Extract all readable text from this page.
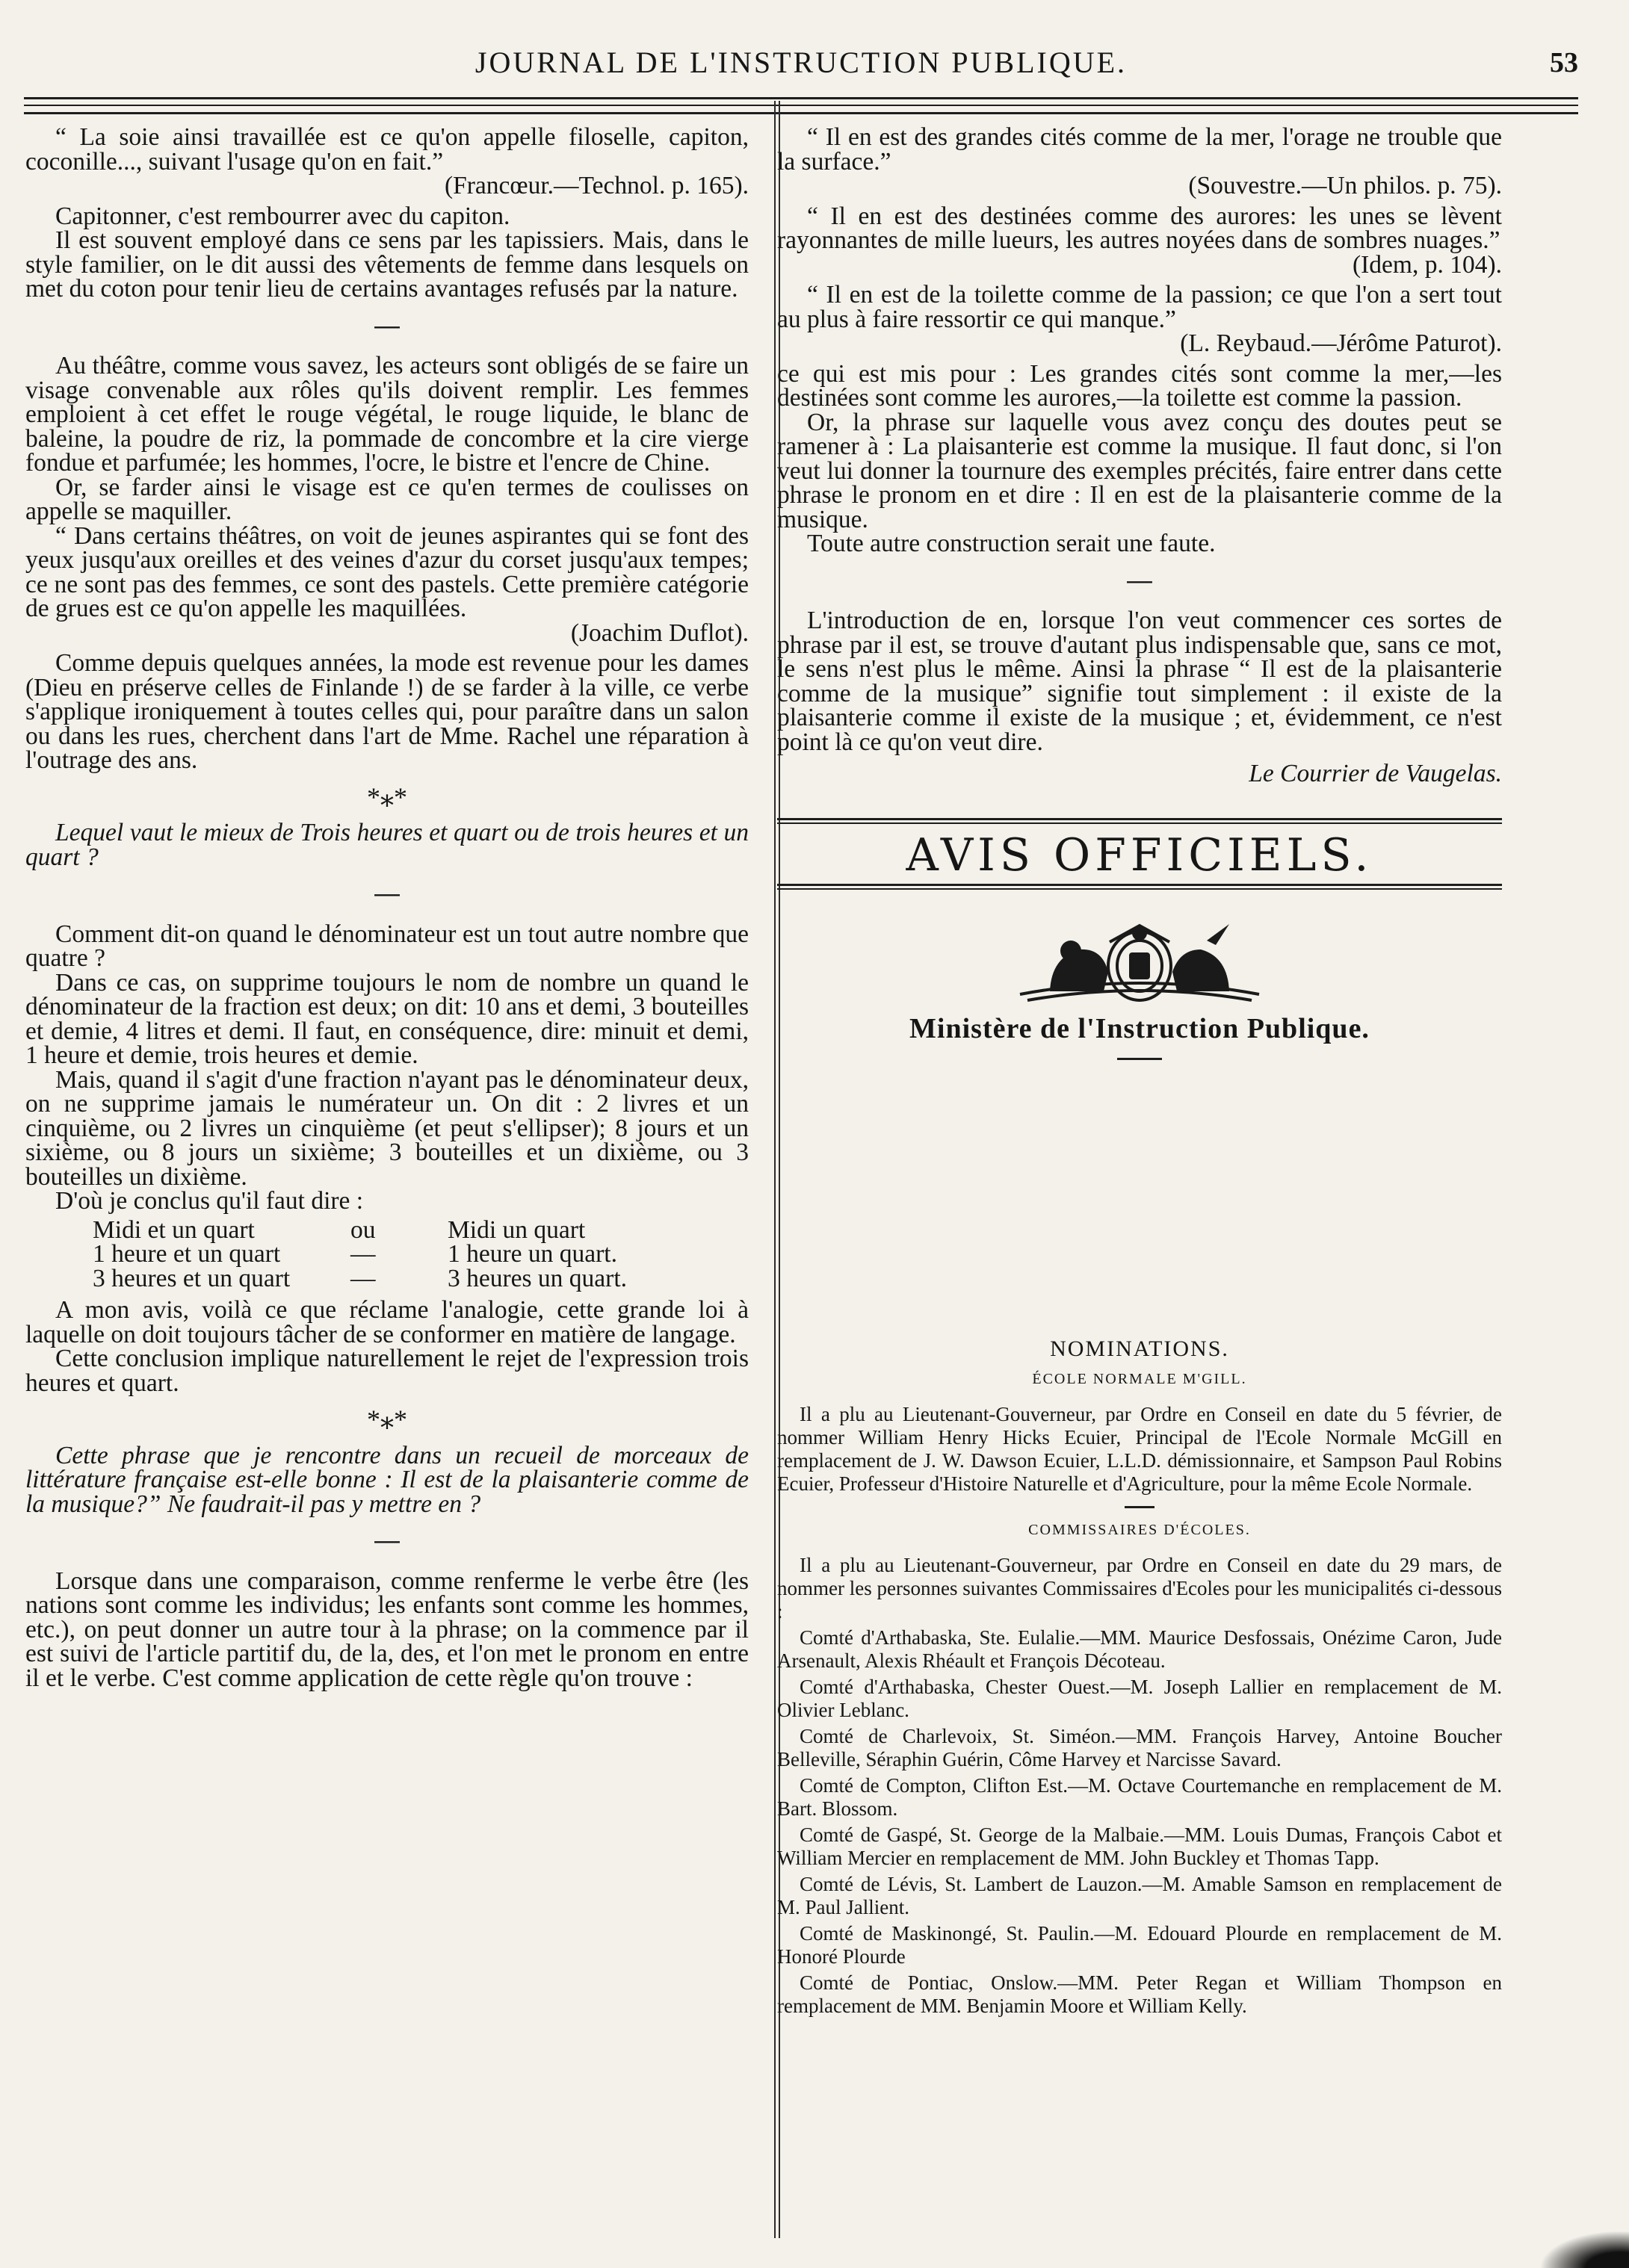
JOURNAL DE L'INSTRUCTION PUBLIQUE.	53

“ La soie ainsi travaillée est ce qu'on appelle filoselle, capiton, coconille..., suivant l'usage qu'on en fait.”

(Francœur.—Technol. p. 165).

Capitonner, c'est rembourrer avec du capiton.

Il est souvent employé dans ce sens par les tapissiers. Mais, dans le style familier, on le dit aussi des vêtements de femme dans lesquels on met du coton pour tenir lieu de certains avantages refusés par la nature.

—

Au théâtre, comme vous savez, les acteurs sont obligés de se faire un visage convenable aux rôles qu'ils doivent remplir. Les femmes emploient à cet effet le rouge végétal, le rouge liquide, le blanc de baleine, la poudre de riz, la pommade de concombre et la cire vierge fondue et parfumée; les hommes, l'ocre, le bistre et l'encre de Chine.

Or, se farder ainsi le visage est ce qu'en termes de coulisses on appelle se maquiller.

“ Dans certains théâtres, on voit de jeunes aspirantes qui se font des yeux jusqu'aux oreilles et des veines d'azur du corset jusqu'aux tempes; ce ne sont pas des femmes, ce sont des pastels. Cette première catégorie de grues est ce qu'on appelle les maquillées.

(Joachim Duflot).

Comme depuis quelques années, la mode est revenue pour les dames (Dieu en préserve celles de Finlande !) de se farder à la ville, ce verbe s'applique ironiquement à toutes celles qui, pour paraître dans un salon ou dans les rues, cherchent dans l'art de Mme. Rachel une réparation à l'outrage des ans.

*⁎*

Lequel vaut le mieux de Trois heures et quart ou de trois heures et un quart ?

—

Comment dit-on quand le dénominateur est un tout autre nombre que quatre ?

Dans ce cas, on supprime toujours le nom de nombre un quand le dénominateur de la fraction est deux; on dit: 10 ans et demi, 3 bouteilles et demie, 4 litres et demi. Il faut, en conséquence, dire: minuit et demi, 1 heure et demie, trois heures et demie.

Mais, quand il s'agit d'une fraction n'ayant pas le dénominateur deux, on ne supprime jamais le numérateur un. On dit : 2 livres et un cinquième, ou 2 livres un cinquième (et peut s'ellipser); 8 jours et un sixième, ou 8 jours un sixième; 3 bouteilles et un dixième, ou 3 bouteilles un dixième.

D'où je conclus qu'il faut dire :

Midi et un quart	ou	Midi un quart
1 heure et un quart	—	1 heure un quart.
3 heures et un quart	—	3 heures un quart.

A mon avis, voilà ce que réclame l'analogie, cette grande loi à laquelle on doit toujours tâcher de se conformer en matière de langage.

Cette conclusion implique naturellement le rejet de l'expression trois heures et quart.

*⁎*

Cette phrase que je rencontre dans un recueil de morceaux de littérature française est-elle bonne : Il est de la plaisanterie comme de la musique?” Ne faudrait-il pas y mettre en ?

—

Lorsque dans une comparaison, comme renferme le verbe être (les nations sont comme les individus; les enfants sont comme les hommes, etc.), on peut donner un autre tour à la phrase; on la commence par il est suivi de l'article partitif du, de la, des, et l'on met le pronom en entre il et le verbe. C'est comme application de cette règle qu'on trouve :

“ Il en est des grandes cités comme de la mer, l'orage ne trouble que la surface.”

(Souvestre.—Un philos. p. 75).

“ Il en est des destinées comme des aurores: les unes se lèvent rayonnantes de mille lueurs, les autres noyées dans de sombres nuages.”

(Idem, p. 104).

“ Il en est de la toilette comme de la passion; ce que l'on a sert tout au plus à faire ressortir ce qui manque.”

(L. Reybaud.—Jérôme Paturot).

ce qui est mis pour : Les grandes cités sont comme la mer,—les destinées sont comme les aurores,—la toilette est comme la passion.

Or, la phrase sur laquelle vous avez conçu des doutes peut se ramener à : La plaisanterie est comme la musique. Il faut donc, si l'on veut lui donner la tournure des exemples précités, faire entrer dans cette phrase le pronom en et dire : Il en est de la plaisanterie comme de la musique.

Toute autre construction serait une faute.

—

L'introduction de en, lorsque l'on veut commencer ces sortes de phrase par il est, se trouve d'autant plus indispensable que, sans ce mot, le sens n'est plus le même. Ainsi la phrase “ Il est de la plaisanterie comme de la musique” signifie tout simplement : il existe de la plaisanterie comme il existe de la musique ; et, évidemment, ce n'est point là ce qu'on veut dire.

Le Courrier de Vaugelas.

AVIS OFFICIELS.
Ministère de l'Instruction Publique.
NOMINATIONS.
ÉCOLE NORMALE M'GILL.

Il a plu au Lieutenant-Gouverneur, par Ordre en Conseil en date du 5 février, de nommer William Henry Hicks Ecuier, Principal de l'Ecole Normale McGill en remplacement de J. W. Dawson Ecuier, L.L.D. démissionnaire, et Sampson Paul Robins Ecuier, Professeur d'Histoire Naturelle et d'Agriculture, pour la même Ecole Normale.

COMMISSAIRES D'ÉCOLES.

Il a plu au Lieutenant-Gouverneur, par Ordre en Conseil en date du 29 mars, de nommer les personnes suivantes Commissaires d'Ecoles pour les municipalités ci-dessous :

Comté d'Arthabaska, Ste. Eulalie.—MM. Maurice Desfossais, Onézime Caron, Jude Arsenault, Alexis Rhéault et François Décoteau.

Comté d'Arthabaska, Chester Ouest.—M. Joseph Lallier en remplacement de M. Olivier Leblanc.

Comté de Charlevoix, St. Siméon.—MM. François Harvey, Antoine Boucher Belleville, Séraphin Guérin, Côme Harvey et Narcisse Savard.

Comté de Compton, Clifton Est.—M. Octave Courtemanche en remplacement de M. Bart. Blossom.

Comté de Gaspé, St. George de la Malbaie.—MM. Louis Dumas, François Cabot et William Mercier en remplacement de MM. John Buckley et Thomas Tapp.

Comté de Lévis, St. Lambert de Lauzon.—M. Amable Samson en remplacement de M. Paul Jallient.

Comté de Maskinongé, St. Paulin.—M. Edouard Plourde en remplacement de M. Honoré Plourde

Comté de Pontiac, Onslow.—MM. Peter Regan et William Thompson en remplacement de MM. Benjamin Moore et William Kelly.
